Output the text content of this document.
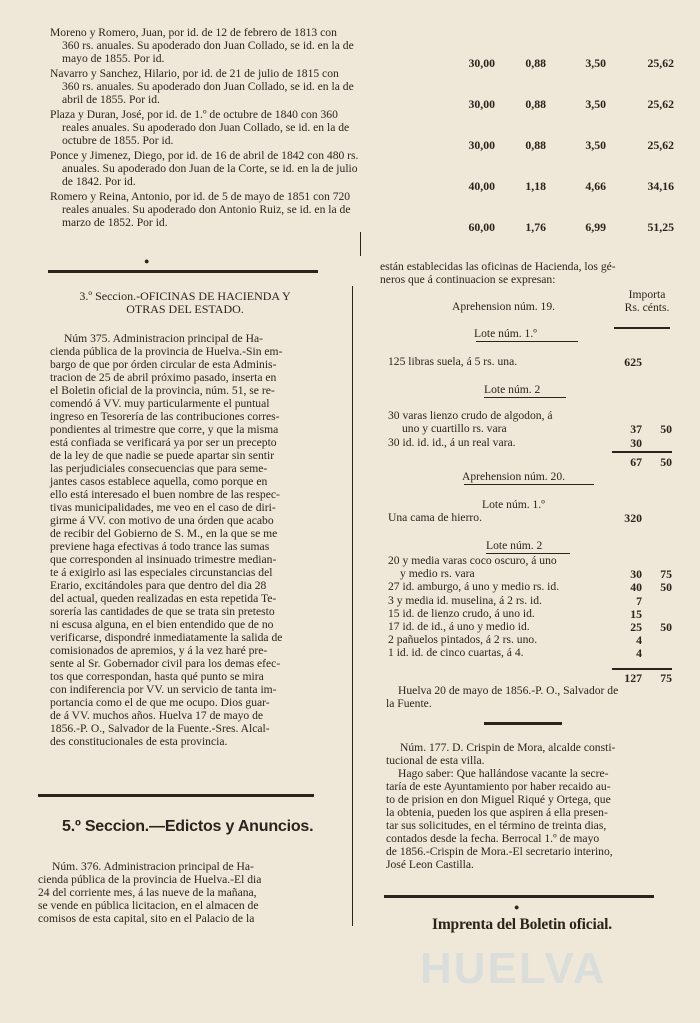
Moreno y Romero, Juan, por id. de 12 de febrero de 1813 con
360 rs. anuales. Su apoderado don Juan Collado, se id. en la de
mayo de 1855. Por id.	30,00	0,88	3,50	25,62
Navarro y Sanchez, Hilario, por id. de 21 de julio de 1815 con
360 rs. anuales. Su apoderado don Juan Collado, se id. en la de
abril de 1855. Por id.	30,00	0,88	3,50	25,62
Plaza y Duran, José, por id. de 1.º de octubre de 1840 con 360
reales anuales. Su apoderado don Juan Collado, se id. en la de
octubre de 1855. Por id.	30,00	0,88	3,50	25,62
Ponce y Jimenez, Diego, por id. de 16 de abril de 1842 con 480 rs.
anuales. Su apoderado don Juan de la Corte, se id. en la de julio
de 1842. Por id.	40,00	1,18	4,66	34,16
Romero y Reina, Antonio, por id. de 5 de mayo de 1851 con 720
reales anuales. Su apoderado don Antonio Ruiz, se id. en la de
marzo de 1852. Por id.	60,00	1,76	6,99	51,25
●
3.º Seccion.-OFICINAS DE HACIENDA Y
OTRAS DEL ESTADO.
Núm 375. Administracion principal de Ha-
cienda pública de la provincia de Huelva.-Sin em-
bargo de que por órden circular de esta Adminis-
tracion de 25 de abril próximo pasado, inserta en
el Boletin oficial de la provincia, núm. 51, se re-
comendó á VV. muy particularmente el puntual
ingreso en Tesorería de las contribuciones corres-
pondientes al trimestre que corre, y que la misma
está confiada se verificará ya por ser un precepto
de la ley de que nadie se puede apartar sin sentir
las perjudiciales consecuencias que para seme-
jantes casos establece aquella, como porque en
ello está interesado el buen nombre de las respec-
tivas municipalidades, me veo en el caso de diri-
girme á VV. con motivo de una órden que acabo
de recibir del Gobierno de S. M., en la que se me
previene haga efectivas á todo trance las sumas
que corresponden al insinuado trimestre median-
te á exigirlo asi las especiales circunstancias del
Erario, excitándoles para que dentro del dia 28
del actual, queden realizadas en esta repetida Te-
sorería las cantidades de que se trata sin pretesto
ni escusa alguna, en el bien entendido que de no
verificarse, dispondré inmediatamente la salida de
comisionados de apremios, y á la vez haré pre-
sente al Sr. Gobernador civil para los demas efec-
tos que correspondan, hasta qué punto se mira
con indiferencia por VV. un servicio de tanta im-
portancia como el de que me ocupo. Dios guar-
de á VV. muchos años. Huelva 17 de mayo de
1856.-P. O., Salvador de la Fuente.-Sres. Alcal-
des constitucionales de esta provincia.
5.º Seccion.—Edictos y Anuncios.
Núm. 376. Administracion principal de Ha-
cienda pública de la provincia de Huelva.-El dia
24 del corriente mes, á las nueve de la mañana,
se vende en pública licitacion, en el almacen de
comisos de esta capital, sito en el Palacio de la
están establecidas las oficinas de Hacienda, los gé-
neros que á continuacion se expresan:
Aprehension núm. 19.
Importa
Rs. cénts.
Lote núm. 1.º
125 libras suela, á 5 rs. una.	625
Lote núm. 2
30 varas lienzo crudo de algodon, á
uno y cuartillo rs. vara	37	50
30 id. id. id., á un real vara.	30
67	50
Aprehension núm. 20.
Lote núm. 1.º
Una cama de hierro.	320
Lote núm. 2
20 y media varas coco oscuro, á uno
y medio rs. vara	30	75
27 id. amburgo, á uno y medio rs. id.	40	50
3 y media id. muselina, á 2 rs. id.	7
15 id. de lienzo crudo, á uno id.	15
17 id. de id., á uno y medio id.	25	50
2 pañuelos pintados, á 2 rs. uno.	4
1 id. id. de cinco cuartas, á 4.	4
127	75
Huelva 20 de mayo de 1856.-P. O., Salvador de
la Fuente.
Núm. 177. D. Crispin de Mora, alcalde consti-
tucional de esta villa.
Hago saber: Que hallándose vacante la secre-
taría de este Ayuntamiento por haber recaido au-
to de prision en don Miguel Riqué y Ortega, que
la obtenia, pueden los que aspiren á ella presen-
tar sus solicitudes, en el término de treinta dias,
contados desde la fecha. Berrocal 1.º de mayo
de 1856.-Crispin de Mora.-El secretario interino,
José Leon Castilla.
●
Imprenta del Boletin oficial.
HUELVA
